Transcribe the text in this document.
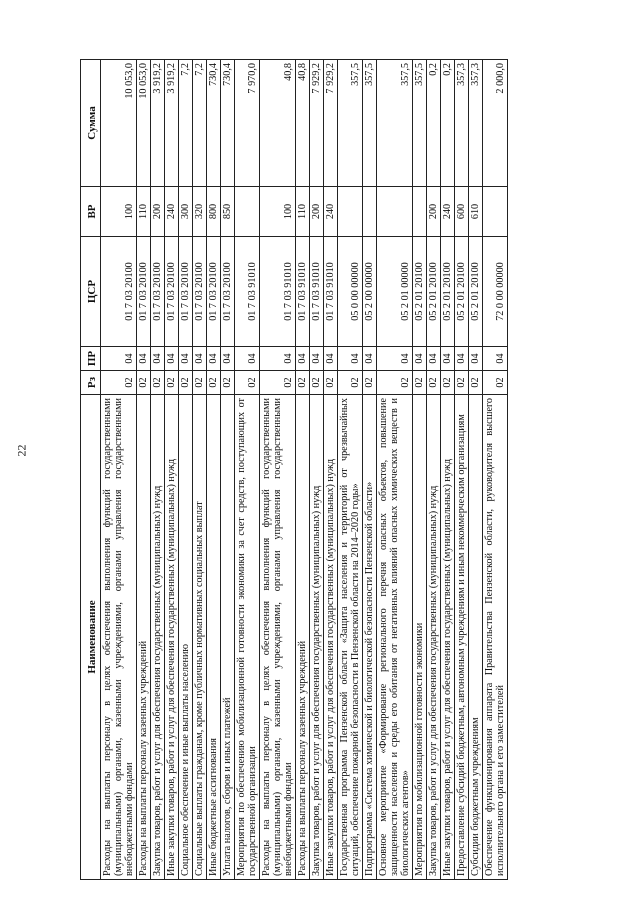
22
Наименование	Рз	ПР	ЦСР	ВР	Сумма
Расходы на выплаты персоналу в целях обеспечения выполнения функций государственными (муниципальными) органами, казенными учреждениями, органами управления государственными внебюджетными фондами	02	04	01 7 03 20100	100	10 053,0
Расходы на выплаты персоналу казенных учреждений	02	04	01 7 03 20100	110	10 053,0
Закупка товаров, работ и услуг для обеспечения государственных (муниципальных) нужд	02	04	01 7 03 20100	200	3 919,2
Иные закупки товаров, работ и услуг для обеспечения государственных (муниципальных) нужд	02	04	01 7 03 20100	240	3 919,2
Социальное обеспечение и иные выплаты населению	02	04	01 7 03 20100	300	7,2
Социальные выплаты гражданам, кроме публичных нормативных социальных выплат	02	04	01 7 03 20100	320	7,2
Иные бюджетные ассигнования	02	04	01 7 03 20100	800	730,4
Уплата налогов, сборов и иных платежей	02	04	01 7 03 20100	850	730,4
Мероприятия по обеспечению мобилизационной готовности экономики за счет средств, поступающих от государственной организации	02	04	01 7 03 91010		7 970,0
Расходы на выплаты персоналу в целях обеспечения выполнения функций государственными (муниципальными) органами, казенными учреждениями, органами управления государственными внебюджетными фондами	02	04	01 7 03 91010	100	40,8
Расходы на выплаты персоналу казенных учреждений	02	04	01 7 03 91010	110	40,8
Закупка товаров, работ и услуг для обеспечения государственных (муниципальных) нужд	02	04	01 7 03 91010	200	7 929,2
Иные закупки товаров, работ и услуг для обеспечения государственных (муниципальных) нужд	02	04	01 7 03 91010	240	7 929,2
Государственная программа Пензенской области «Защита населения и территорий от чрезвычайных ситуаций, обеспечение пожарной безопасности в Пензенской области на 2014–2020 годы»	02	04	05 0 00 00000		357,5
Подпрограмма «Система химической и биологической безопасности Пензенской области»	02	04	05 2 00 00000		357,5
Основное мероприятие «Формирование регионального перечня опасных объектов, повышение защищенности населения и среды его обитания от негативных влияний опасных химических веществ и биологических агентов»	02	04	05 2 01 00000		357,5
Мероприятия по мобилизационной готовности экономики	02	04	05 2 01 20100		357,5
Закупка товаров, работ и услуг для обеспечения государственных (муниципальных) нужд	02	04	05 2 01 20100	200	0,2
Иные закупки товаров, работ и услуг для обеспечения государственных (муниципальных) нужд	02	04	05 2 01 20100	240	0,2
Предоставление субсидий бюджетным, автономным учреждениям и иным некоммерческим организациям	02	04	05 2 01 20100	600	357,3
Субсидии бюджетным учреждениям	02	04	05 2 01 20100	610	357,3
Обеспечение функционирования аппарата Правительства Пензенской области, руководителя высшего исполнительного органа и его заместителей	02	04	72 0 00 00000		2 000,0
